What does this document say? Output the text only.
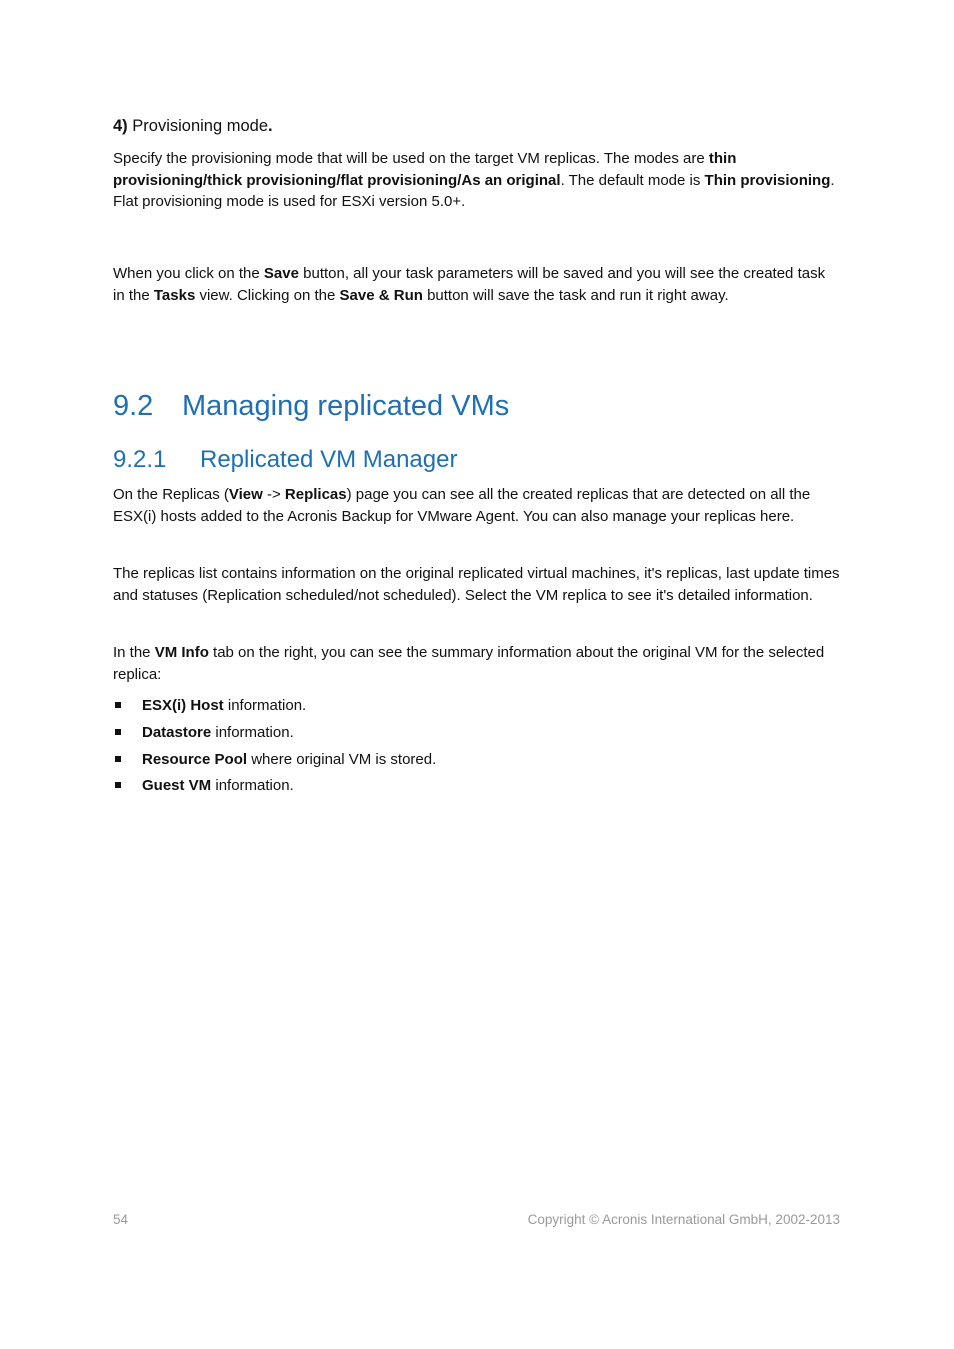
4) Provisioning mode.

Specify the provisioning mode that will be used on the target VM replicas. The modes are thin provisioning/thick provisioning/flat provisioning/As an original. The default mode is Thin provisioning. Flat provisioning mode is used for ESXi version 5.0+.

When you click on the Save button, all your task parameters will be saved and you will see the created task in the Tasks view. Clicking on the Save & Run button will save the task and run it right away.

9.2 Managing replicated VMs
9.2.1 Replicated VM Manager

On the Replicas (View -> Replicas) page you can see all the created replicas that are detected on all the ESX(i) hosts added to the Acronis Backup for VMware Agent. You can also manage your replicas here.

The replicas list contains information on the original replicated virtual machines, it's replicas, last update times and statuses (Replication scheduled/not scheduled). Select the VM replica to see it's detailed information.

In the VM Info tab on the right, you can see the summary information about the original VM for the selected replica:

ESX(i) Host information.
Datastore information.
Resource Pool where original VM is stored.
Guest VM information.
54	Copyright © Acronis International GmbH, 2002-2013
